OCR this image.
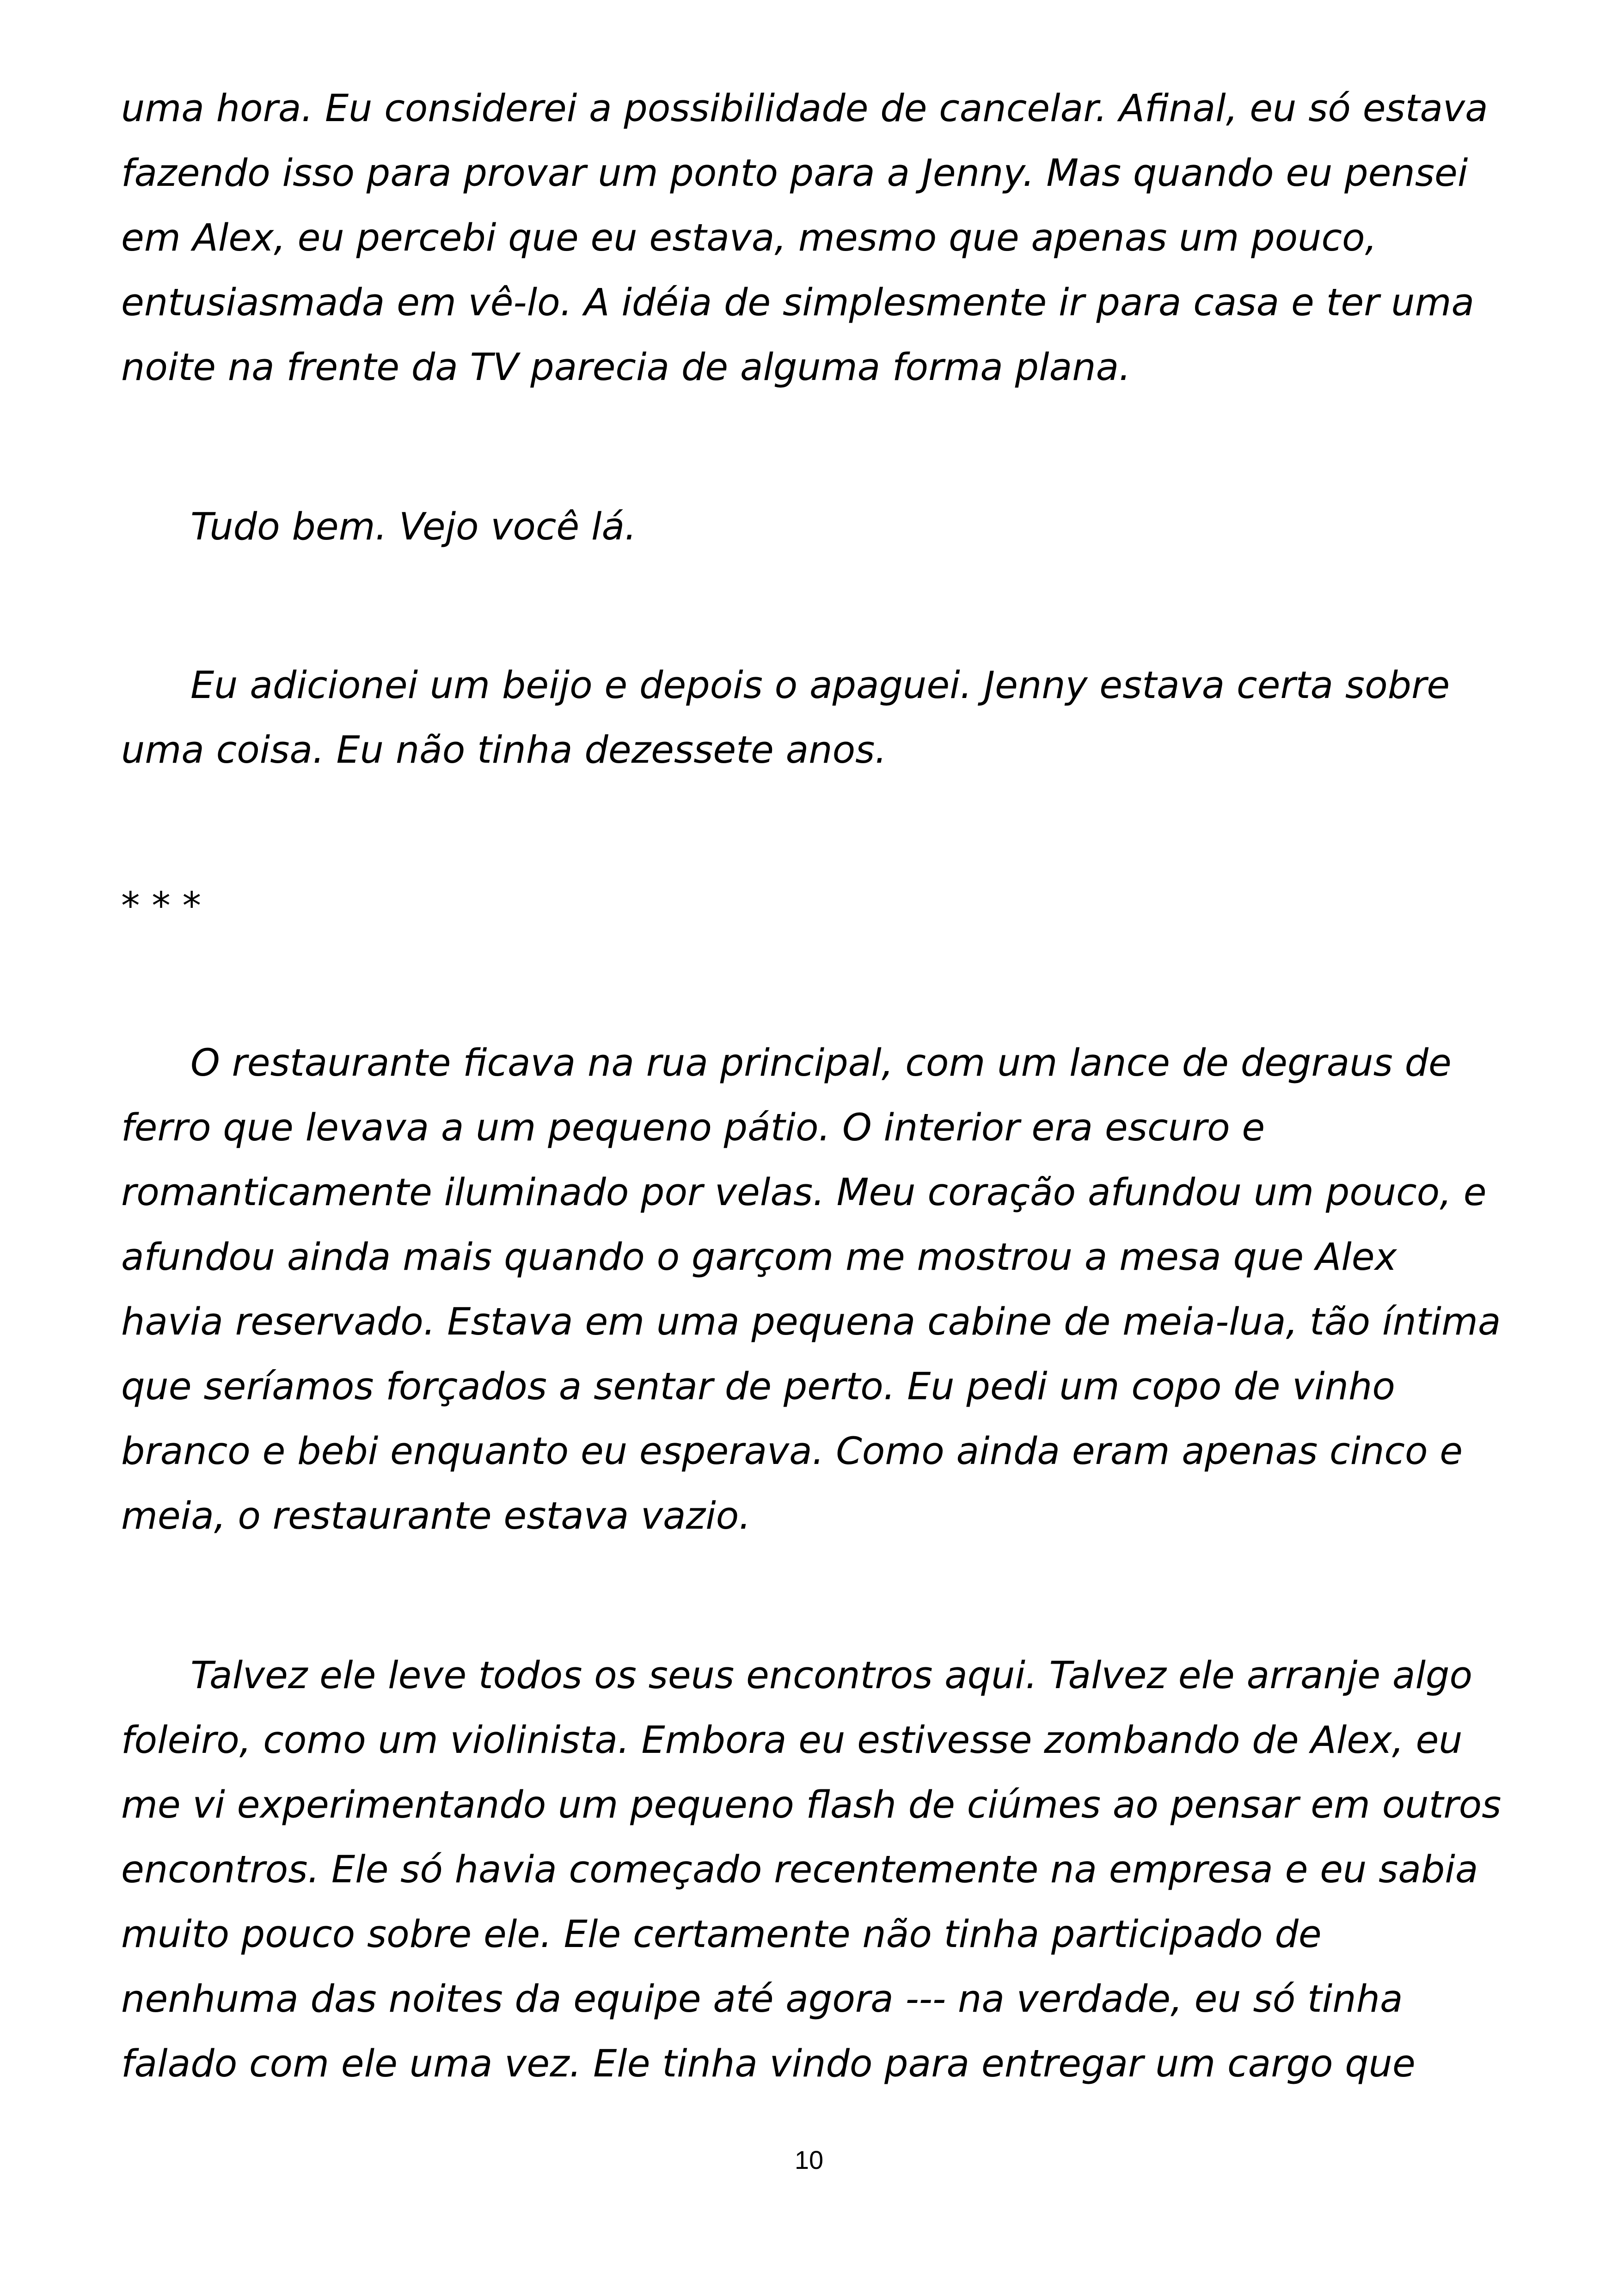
uma hora. Eu considerei a possibilidade de cancelar. Afinal, eu só estava
fazendo isso para provar um ponto para a Jenny. Mas quando eu pensei
em Alex, eu percebi que eu estava, mesmo que apenas um pouco,
entusiasmada em vê-lo. A idéia de simplesmente ir para casa e ter uma
noite na frente da TV parecia de alguma forma plana.
Tudo bem. Vejo você lá.
Eu adicionei um beijo e depois o apaguei. Jenny estava certa sobre
uma coisa. Eu não tinha dezessete anos.
* * *
O restaurante ficava na rua principal, com um lance de degraus de
ferro que levava a um pequeno pátio. O interior era escuro e
romanticamente iluminado por velas. Meu coração afundou um pouco, e
afundou ainda mais quando o garçom me mostrou a mesa que Alex
havia reservado. Estava em uma pequena cabine de meia-lua, tão íntima
que seríamos forçados a sentar de perto. Eu pedi um copo de vinho
branco e bebi enquanto eu esperava. Como ainda eram apenas cinco e
meia, o restaurante estava vazio.
Talvez ele leve todos os seus encontros aqui. Talvez ele arranje algo
foleiro, como um violinista. Embora eu estivesse zombando de Alex, eu
me vi experimentando um pequeno flash de ciúmes ao pensar em outros
encontros. Ele só havia começado recentemente na empresa e eu sabia
muito pouco sobre ele. Ele certamente não tinha participado de
nenhuma das noites da equipe até agora --- na verdade, eu só tinha
falado com ele uma vez. Ele tinha vindo para entregar um cargo que
10
